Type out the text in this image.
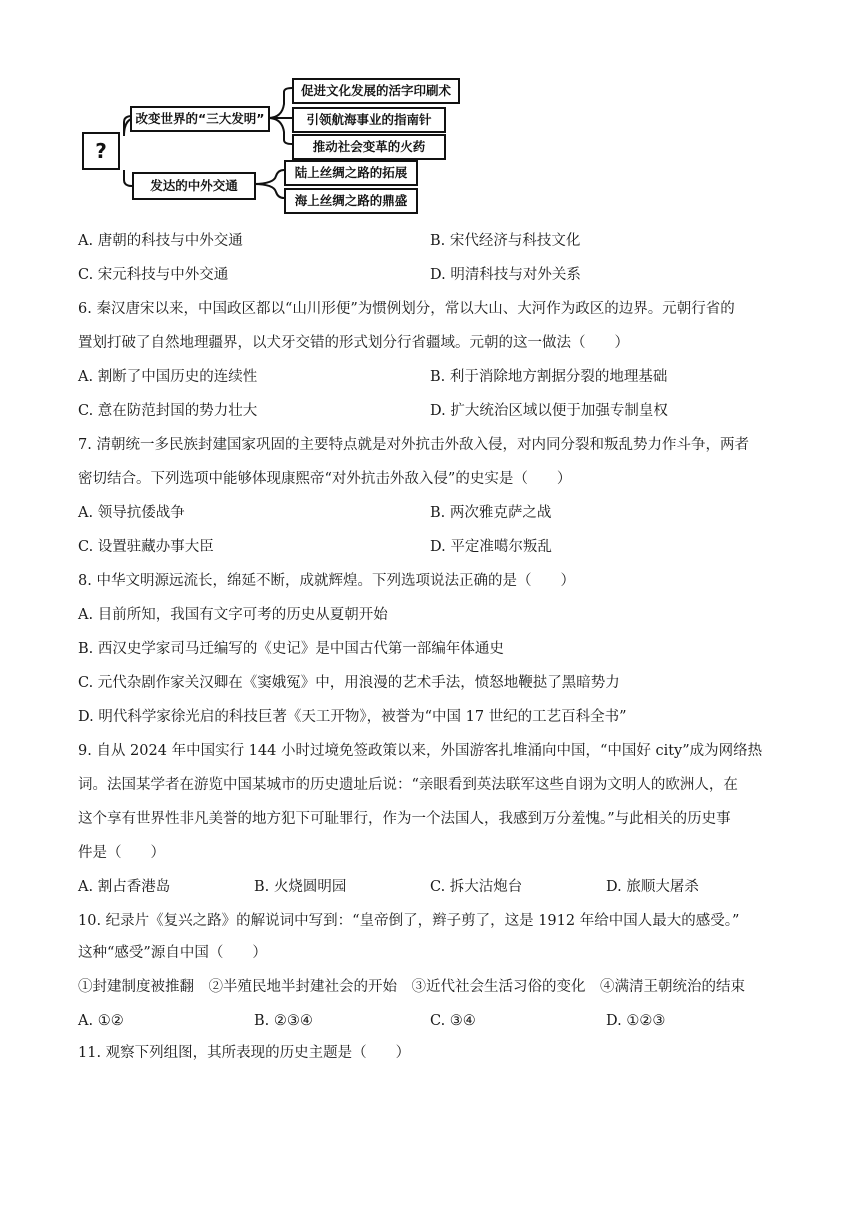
?
改变世界的“三大发明”
促进文化发展的活字印刷术
引领航海事业的指南针
推动社会变革的火药
发达的中外交通
陆上丝绸之路的拓展
海上丝绸之路的鼎盛
A. 唐朝的科技与中外交通	B. 宋代经济与科技文化
C. 宋元科技与中外交通	D. 明清科技与对外关系
6. 秦汉唐宋以来，中国政区都以“山川形便”为惯例划分，常以大山、大河作为政区的边界。元朝行省的
置划打破了自然地理疆界，以犬牙交错的形式划分行省疆域。元朝的这一做法（　　）
A. 割断了中国历史的连续性	B. 利于消除地方割据分裂的地理基础
C. 意在防范封国的势力壮大	D. 扩大统治区域以便于加强专制皇权
7. 清朝统一多民族封建国家巩固的主要特点就是对外抗击外敌入侵，对内同分裂和叛乱势力作斗争，两者
密切结合。下列选项中能够体现康熙帝“对外抗击外敌入侵”的史实是（　　）
A. 领导抗倭战争	B. 两次雅克萨之战
C. 设置驻藏办事大臣	D. 平定准噶尔叛乱
8. 中华文明源远流长，绵延不断，成就辉煌。下列选项说法正确的是（　　）
A. 目前所知，我国有文字可考的历史从夏朝开始
B. 西汉史学家司马迁编写的《史记》是中国古代第一部编年体通史
C. 元代杂剧作家关汉卿在《窦娥冤》中，用浪漫的艺术手法，愤怒地鞭挞了黑暗势力
D. 明代科学家徐光启的科技巨著《天工开物》，被誉为“中国 17 世纪的工艺百科全书”
9. 自从 2024 年中国实行 144 小时过境免签政策以来，外国游客扎堆涌向中国，“中国好 city”成为网络热
词。法国某学者在游览中国某城市的历史遗址后说：“亲眼看到英法联军这些自诩为文明人的欧洲人，在
这个享有世界性非凡美誉的地方犯下可耻罪行，作为一个法国人，我感到万分羞愧。”与此相关的历史事
件是（　　）
A. 割占香港岛	B. 火烧圆明园	C. 拆大沽炮台	D. 旅顺大屠杀
10. 纪录片《复兴之路》的解说词中写到：“皇帝倒了，辫子剪了，这是 1912 年给中国人最大的感受。”
这种“感受”源自中国（　　）
①封建制度被推翻　②半殖民地半封建社会的开始　③近代社会生活习俗的变化　④满清王朝统治的结束
A. ①②	B. ②③④	C. ③④	D. ①②③
11. 观察下列组图，其所表现的历史主题是（　　）
